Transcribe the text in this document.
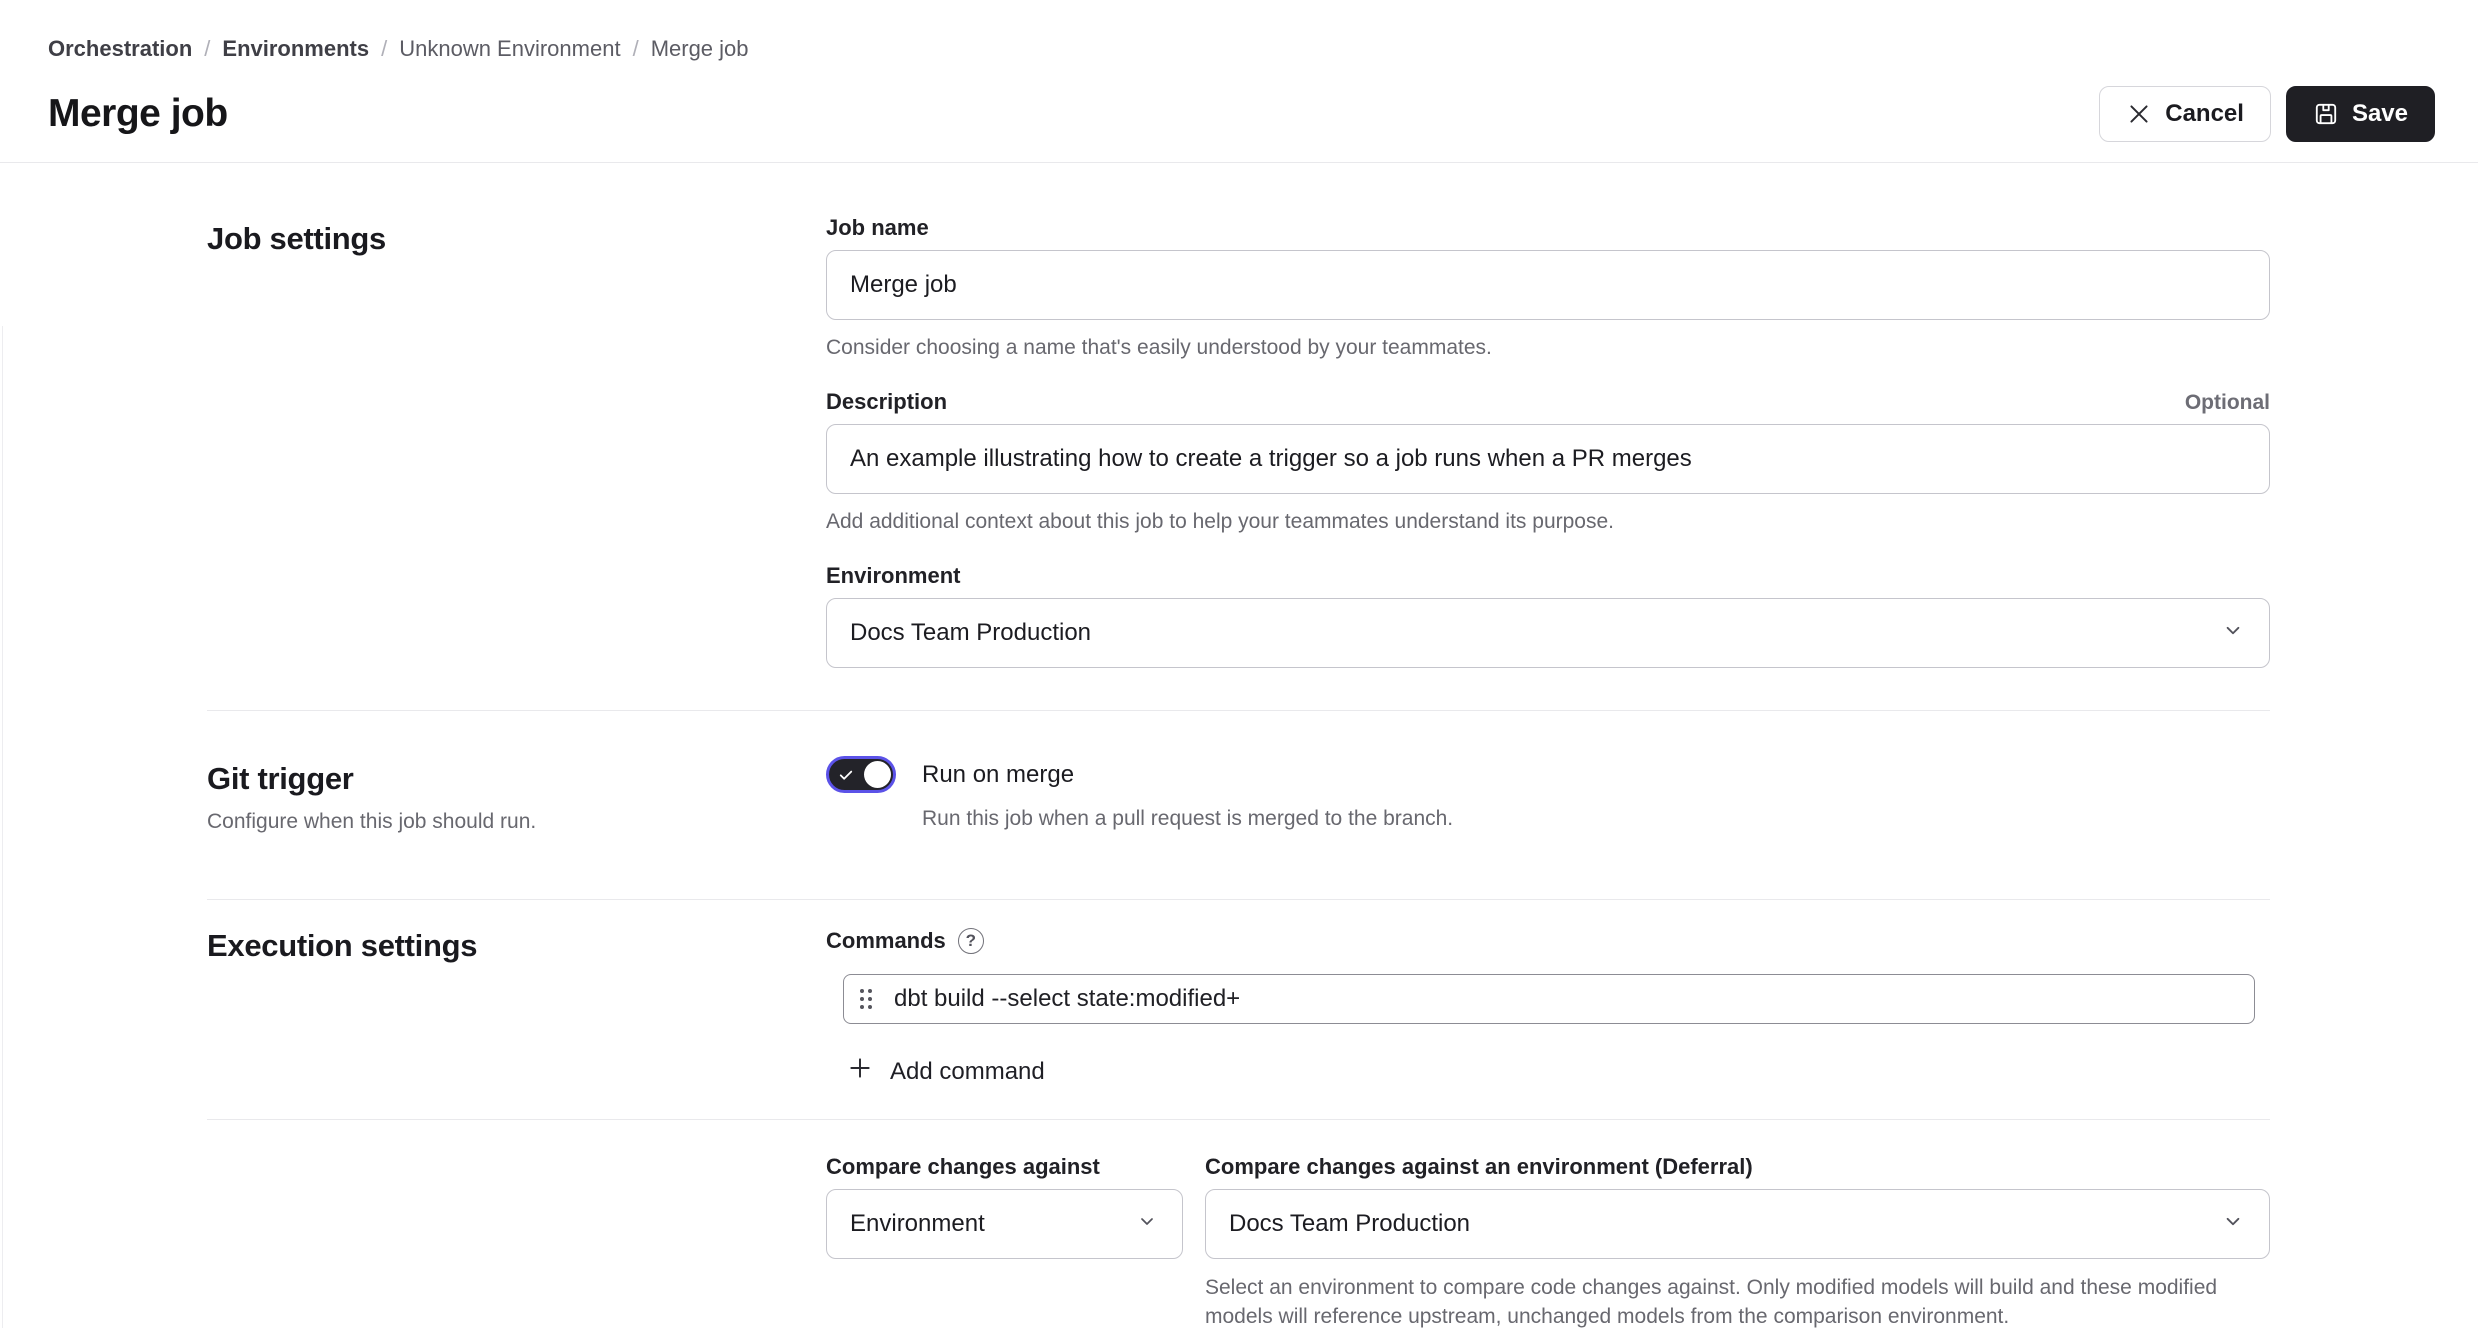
Orchestration / Environments / Unknown Environment / Merge job
Merge job	Cancel	Save
Job settings	Job name
Merge job

Consider choosing a name that's easily understood by your teammates.

Description	Optional
An example illustrating how to create a trigger so a job runs when a PR merges

Add additional context about this job to help your teammates understand its purpose.

Environment
Docs Team Production
Git trigger

Configure when this job should run.

Run on merge

Run this job when a pull request is merged to the branch.

Execution settings	Commands	?
dbt build --select state:modified+
Add command
Compare changes against
Environment
Compare changes against an environment (Deferral)
Docs Team Production

Select an environment to compare code changes against. Only modified models will build and these modified models will reference upstream, unchanged models from the comparison environment.
